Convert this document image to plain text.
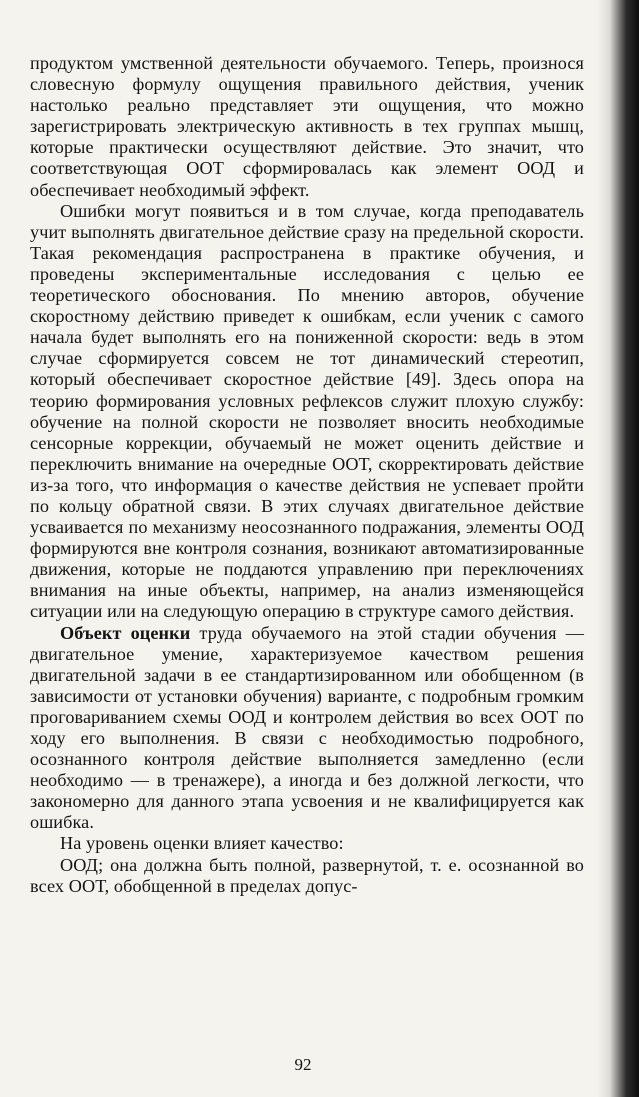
продуктом умственной деятельности обучаемого. Теперь, произнося словесную формулу ощущения правильного действия, ученик настолько реально представляет эти ощущения, что можно зарегистрировать электрическую активность в тех группах мышц, которые практически осуществляют действие. Это значит, что соответствующая ООТ сформировалась как элемент ООД и обеспечивает необходимый эффект.

Ошибки могут появиться и в том случае, когда преподаватель учит выполнять двигательное действие сразу на предельной скорости. Такая рекомендация распространена в практике обучения, и проведены экспериментальные исследования с целью ее теоретического обоснования. По мнению авторов, обучение скоростному действию приведет к ошибкам, если ученик с самого начала будет выполнять его на пониженной скорости: ведь в этом случае сформируется совсем не тот динамический стереотип, который обеспечивает скоростное действие [49]. Здесь опора на теорию формирования условных рефлексов служит плохую службу: обучение на полной скорости не позволяет вносить необходимые сенсорные коррекции, обучаемый не может оценить действие и переключить внимание на очередные ООТ, скорректировать действие из-за того, что информация о качестве действия не успевает пройти по кольцу обратной связи. В этих случаях двигательное действие усваивается по механизму неосознанного подражания, элементы ООД формируются вне контроля сознания, возникают автоматизированные движения, которые не поддаются управлению при переключениях внимания на иные объекты, например, на анализ изменяющейся ситуации или на следующую операцию в структуре самого действия.

Объект оценки труда обучаемого на этой стадии обучения — двигательное умение, характеризуемое качеством решения двигательной задачи в ее стандартизированном или обобщенном (в зависимости от установки обучения) варианте, с подробным громким проговариванием схемы ООД и контролем действия во всех ООТ по ходу его выполнения. В связи с необходимостью подробного, осознанного контроля действие выполняется замедленно (если необходимо — в тренажере), а иногда и без должной легкости, что закономерно для данного этапа усвоения и не квалифицируется как ошибка.

На уровень оценки влияет качество:

ООД; она должна быть полной, развернутой, т. е. осознанной во всех ООТ, обобщенной в пределах допус-

92
